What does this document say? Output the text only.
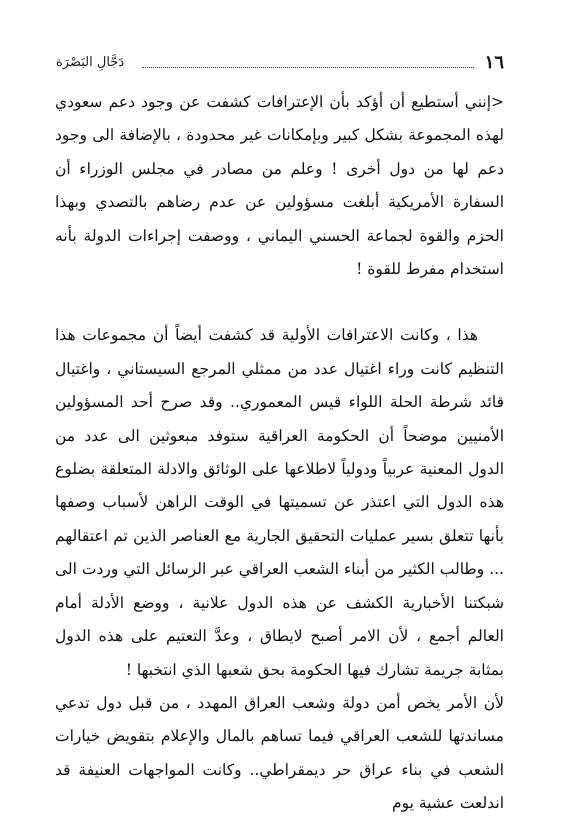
١٦
دَجَّالِ البَصْرَة

<إنني أستطيع أن أؤكد بأن الإعترافات كشفت عن وجود دعم سعودي لهذه المجموعة بشكل كبير وبإمكانات غير محدودة ، بالإضافة الى وجود دعم لها من دول أخرى ! وعلم من مصادر في مجلس الوزراء أن السفارة الأمريكية أبلغت مسؤولين عن عدم رضاهم بالتصدي وبهذا الحزم والقوة لجماعة الحسني اليماني ، ووصفت إجراءات الدولة بأنه استخدام مفرط للقوة !

هذا ، وكانت الاعترافات الأولية قد كشفت أيضاً أن مجموعات هذا التنظيم كانت وراء اغتيال عدد من ممثلي المرجع السيستاني ، واغتيال قائد شرطة الحلة اللواء قيس المعموري.. وقد صرح أحد المسؤولين الأمنيين موضحاً أن الحكومة العراقية ستوفد مبعوثين الى عدد من الدول المعنية عربياً ودولياً لاطلاعها على الوثائق والادلة المتعلقة بضلوع هذه الدول التي اعتذر عن تسميتها في الوقت الراهن لأسباب وصفها بأنها تتعلق بسير عمليات التحقيق الجارية مع العناصر الذين تم اعتقالهم ... وطالب الكثير من أبناء الشعب العراقي عبر الرسائل التي وردت الى شبكتنا الأخبارية الكشف عن هذه الدول علانية ، ووضع الأدلة أمام العالم أجمع ، لأن الامر أصبح لايطاق ، وعدَّ التعتيم على هذه الدول بمثابة جريمة تشارك فيها الحكومة بحق شعبها الذي انتخبها !

لأن الأمر يخص أمن دولة وشعب العراق المهدد ، من قبل دول تدعي مساندتها للشعب العراقي فيما تساهم بالمال والإعلام بتقويض خيارات الشعب في بناء عراق حر ديمقراطي.. وكانت المواجهات العنيفة قد اندلعت عشية يوم
